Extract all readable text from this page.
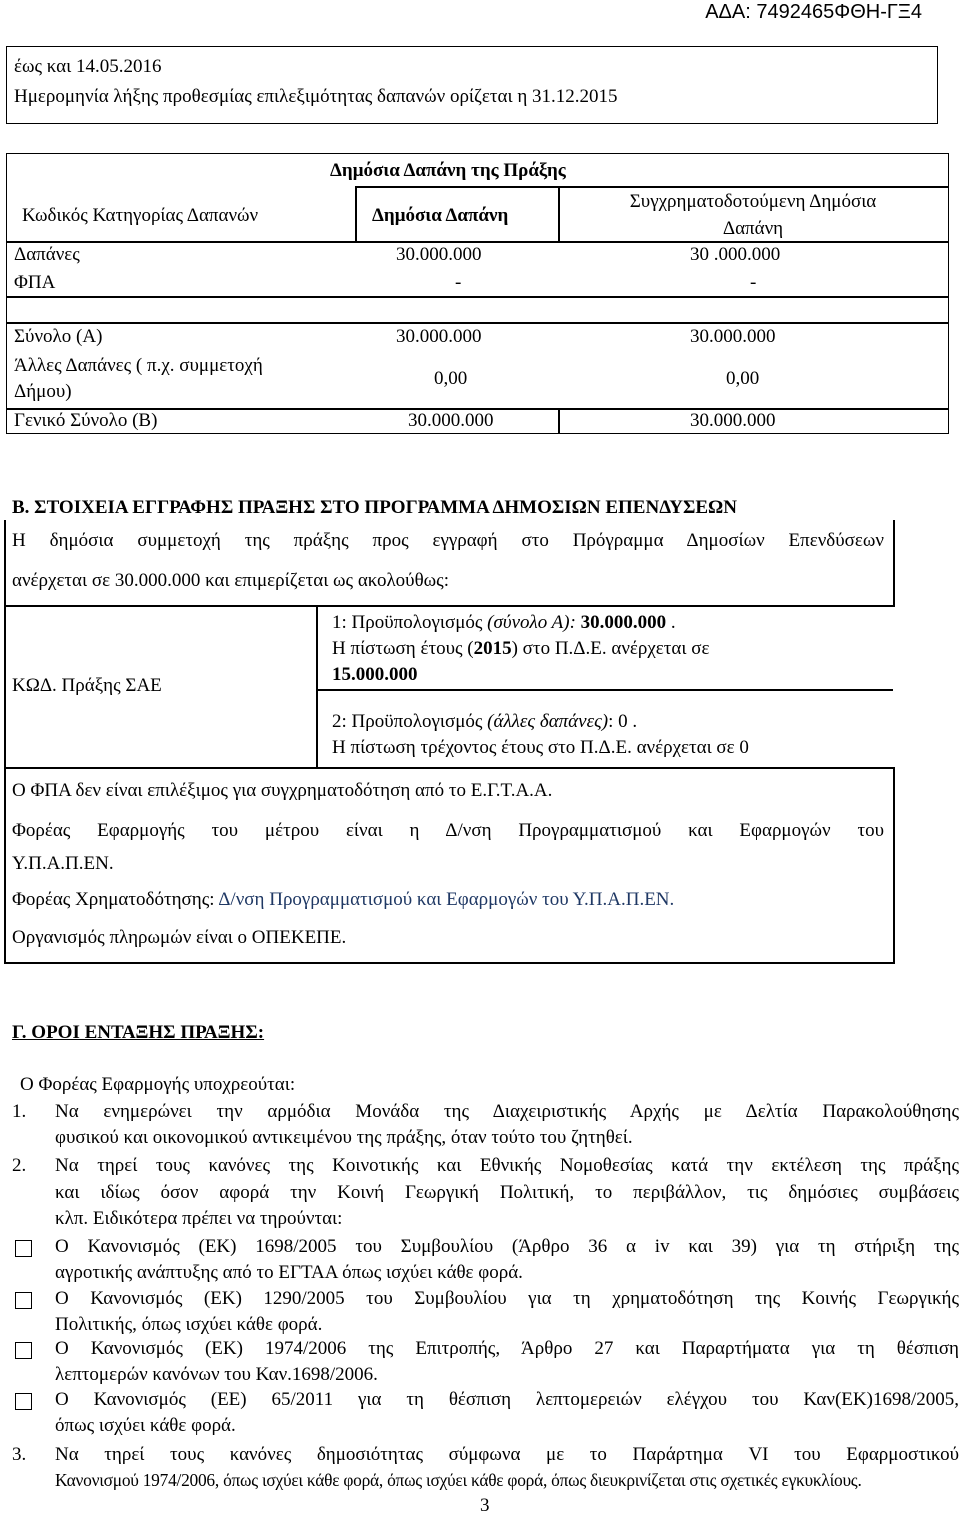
ΑΔΑ: 7492465ΦΘΗ-ΓΞ4
έως και 14.05.2016
Ημερομηνία λήξης προθεσμίας επιλεξιμότητας δαπανών ορίζεται η 31.12.2015
Δημόσια Δαπάνη της Πράξης
Κωδικός Κατηγορίας Δαπανών	Δημόσια Δαπάνη
Συγχρηματοδοτούμενη Δημόσια
Δαπάνη
Δαπάνες	30.000.000	30 .000.000
ΦΠΑ	-	-
Σύνολο (Α)	30.000.000	30.000.000
Άλλες Δαπάνες ( π.χ. συμμετοχή
Δήμου)
0,00	0,00
Γενικό Σύνολο (Β)	30.000.000	30.000.000
Β. ΣΤΟΙΧΕΙΑ ΕΓΓΡΑΦΗΣ ΠΡΑΞΗΣ ΣΤΟ ΠΡΟΓΡΑΜΜΑ ΔΗΜΟΣΙΩΝ ΕΠΕΝΔΥΣΕΩΝ
Η δημόσια συμμετοχή της πράξης προς εγγραφή στο Πρόγραμμα Δημοσίων Επενδύσεων
ανέρχεται σε 30.000.000 και επιμερίζεται ως ακολούθως:
ΚΩΔ. Πράξης ΣΑΕ
1: Προϋπολογισμός (σύνολο Α): 30.000.000 .
Η πίστωση έτους (2015) στο Π.Δ.Ε. ανέρχεται σε
15.000.000
2: Προϋπολογισμός (άλλες δαπάνες): 0 .
Η πίστωση τρέχοντος έτους στο Π.Δ.Ε. ανέρχεται σε 0
Ο ΦΠΑ δεν είναι επιλέξιμος για συγχρηματοδότηση από το Ε.Γ.Τ.Α.Α.
Φορέας Εφαρμογής του μέτρου είναι η Δ/νση Προγραμματισμού και Εφαρμογών του
Υ.Π.Α.Π.ΕΝ.
Φορέας Χρηματοδότησης: Δ/νση Προγραμματισμού και Εφαρμογών του Υ.Π.Α.Π.ΕΝ.
Οργανισμός πληρωμών είναι ο ΟΠΕΚΕΠΕ.
Γ. ΟΡΟΙ ΕΝΤΑΞΗΣ ΠΡΑΞΗΣ:
Ο Φορέας Εφαρμογής υποχρεούται:
1. Να ενημερώνει την αρμόδια Μονάδα της Διαχειριστικής Αρχής με Δελτία Παρακολούθησης
φυσικού και οικονομικού αντικειμένου της πράξης, όταν τούτο του ζητηθεί.
2. Να τηρεί τους κανόνες της Κοινοτικής και Εθνικής Νομοθεσίας κατά την εκτέλεση της πράξης
και ιδίως όσον αφορά την Κοινή Γεωργική Πολιτική, το περιβάλλον, τις δημόσιες συμβάσεις
κλπ. Ειδικότερα πρέπει να τηρούνται:
Ο Κανονισμός (ΕΚ) 1698/2005 του Συμβουλίου (Άρθρο 36 α iv και 39) για τη στήριξη της
αγροτικής ανάπτυξης από το ΕΓΤΑΑ όπως ισχύει κάθε φορά.
Ο Κανονισμός (ΕΚ) 1290/2005 του Συμβουλίου για τη χρηματοδότηση της Κοινής Γεωργικής
Πολιτικής, όπως ισχύει κάθε φορά.
Ο Κανονισμός (ΕΚ) 1974/2006 της Επιτροπής, Άρθρο 27 και Παραρτήματα για τη θέσπιση
λεπτομερών κανόνων του Καν.1698/2006.
Ο Κανονισμός (ΕΕ) 65/2011 για τη θέσπιση λεπτομερειών ελέγχου του Καν(ΕΚ)1698/2005,
όπως ισχύει κάθε φορά.
3. Να τηρεί τους κανόνες δημοσιότητας σύμφωνα με το Παράρτημα VI του Εφαρμοστικού
Κανονισμού 1974/2006, όπως ισχύει κάθε φορά, όπως ισχύει κάθε φορά, όπως διευκρινίζεται στις σχετικές εγκυκλίους.
3
